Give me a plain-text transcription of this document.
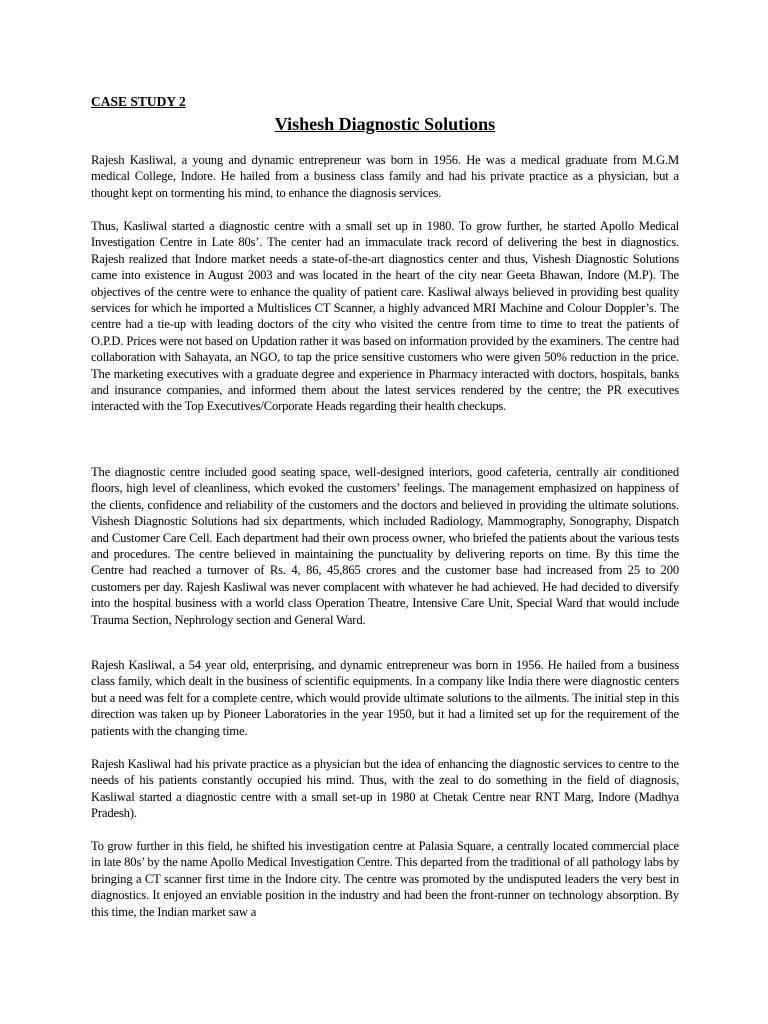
CASE STUDY 2
Vishesh Diagnostic Solutions

Rajesh Kasliwal, a young and dynamic entrepreneur was born in 1956. He was a medical graduate from M.G.M medical College, Indore. He hailed from a business class family and had his private practice as a physician, but a thought kept on tormenting his mind, to enhance the diagnosis services.

Thus, Kasliwal started a diagnostic centre with a small set up in 1980. To grow further, he started Apollo Medical Investigation Centre in Late 80s’. The center had an immaculate track record of delivering the best in diagnostics. Rajesh realized that Indore market needs a state-of-the-art diagnostics center and thus, Vishesh Diagnostic Solutions came into existence in August 2003 and was located in the heart of the city near Geeta Bhawan, Indore (M.P). The objectives of the centre were to enhance the quality of patient care. Kasliwal always believed in providing best quality services for which he imported a Multislices CT Scanner, a highly advanced MRI Machine and Colour Doppler’s. The centre had a tie-up with leading doctors of the city who visited the centre from time to time to treat the patients of O.P.D. Prices were not based on Updation rather it was based on information provided by the examiners. The centre had collaboration with Sahayata, an NGO, to tap the price sensitive customers who were given 50% reduction in the price. The marketing executives with a graduate degree and experience in Pharmacy interacted with doctors, hospitals, banks and insurance companies, and informed them about the latest services rendered by the centre; the PR executives interacted with the Top Executives/Corporate Heads regarding their health checkups.

The diagnostic centre included good seating space, well-designed interiors, good cafeteria, centrally air conditioned floors, high level of cleanliness, which evoked the customers’ feelings. The management emphasized on happiness of the clients, confidence and reliability of the customers and the doctors and believed in providing the ultimate solutions. Vishesh Diagnostic Solutions had six departments, which included Radiology, Mammography, Sonography, Dispatch and Customer Care Cell. Each department had their own process owner, who briefed the patients about the various tests and procedures. The centre believed in maintaining the punctuality by delivering reports on time. By this time the Centre had reached a turnover of Rs. 4, 86, 45,865 crores and the customer base had increased from 25 to 200 customers per day. Rajesh Kasliwal was never complacent with whatever he had achieved. He had decided to diversify into the hospital business with a world class Operation Theatre, Intensive Care Unit, Special Ward that would include Trauma Section, Nephrology section and General Ward.

Rajesh Kasliwal, a 54 year old, enterprising, and dynamic entrepreneur was born in 1956. He hailed from a business class family, which dealt in the business of scientific equipments. In a company like India there were diagnostic centers but a need was felt for a complete centre, which would provide ultimate solutions to the ailments. The initial step in this direction was taken up by Pioneer Laboratories in the year 1950, but it had a limited set up for the requirement of the patients with the changing time.

Rajesh Kasliwal had his private practice as a physician but the idea of enhancing the diagnostic services to centre to the needs of his patients constantly occupied his mind. Thus, with the zeal to do something in the field of diagnosis, Kasliwal started a diagnostic centre with a small set-up in 1980 at Chetak Centre near RNT Marg, Indore (Madhya Pradesh).

To grow further in this field, he shifted his investigation centre at Palasia Square, a centrally located commercial place in late 80s’ by the name Apollo Medical Investigation Centre. This departed from the traditional of all pathology labs by bringing a CT scanner first time in the Indore city. The centre was promoted by the undisputed leaders the very best in diagnostics. It enjoyed an enviable position in the industry and had been the front-runner on technology absorption. By this time, the Indian market saw a
